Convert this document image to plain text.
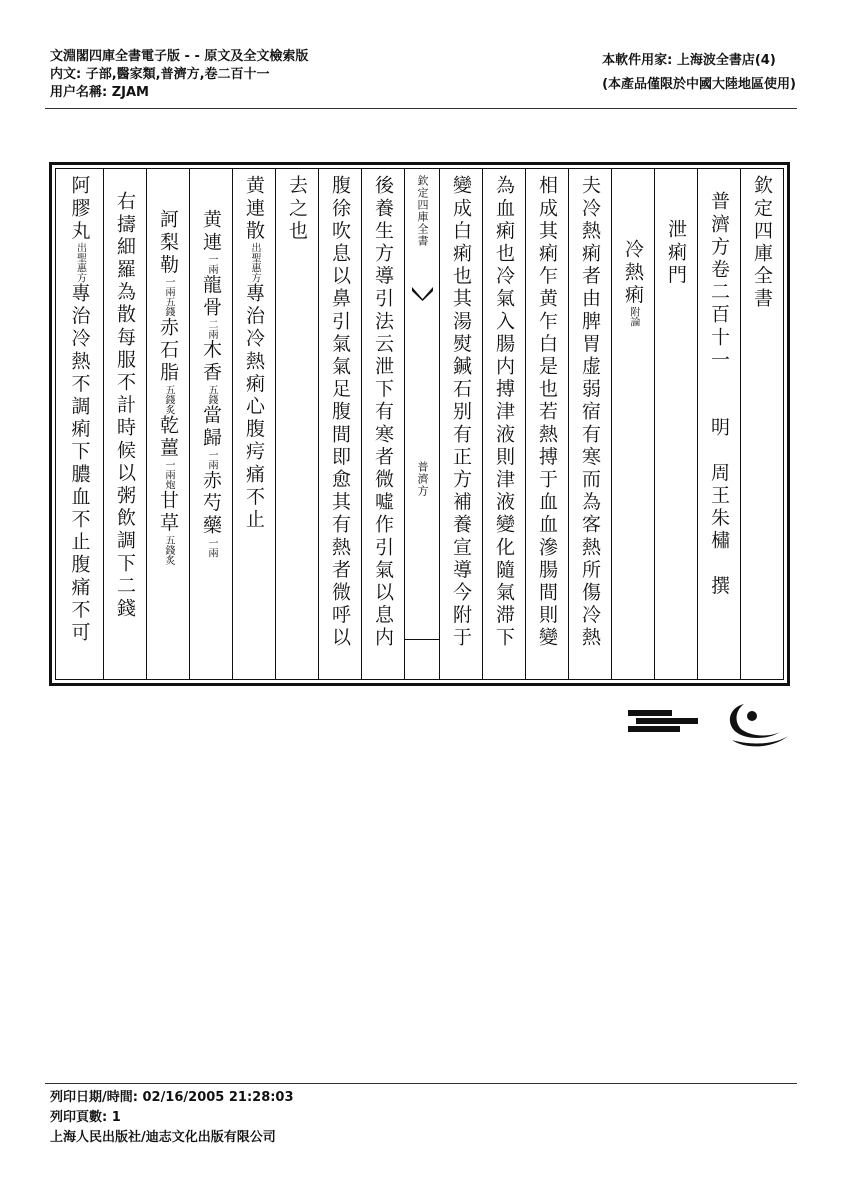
文淵閣四庫全書電子版 - - 原文及全文檢索版
内文: 子部,醫家類,普濟方,卷二百十一
用户名稱: ZJAM
本軟件用家: 上海波全書店(4)
(本產品僅限於中國大陸地區使用)
欽定四庫全書
普濟方卷二百十一　　明　周王朱橚　撰
泄痢門
冷熱痢附論
夫冷熱痢者由脾胃虚弱宿有寒而為客熱所傷冷熱
相成其痢乍黄乍白是也若熱搏于血血滲腸間則變
為血痢也冷氣入腸内搏津液則津液變化隨氣滞下
變成白痢也其湯熨鍼石别有正方補養宣導今附于
欽定四庫全書
普濟方
後養生方導引法云泄下有寒者微噓作引氣以息内
腹徐吹息以鼻引氣氣足腹間即愈其有熱者微呼以
去之也
黄連散出聖惠方專治冷熱痢心腹疞痛不止
黄連一兩龍骨二兩木香五錢當歸一兩赤芍藥一兩
訶梨勒一兩五錢赤石脂五錢炙乾薑一兩炮甘草五錢炙
右擣細羅為散每服不計時候以粥飲調下二錢
阿膠丸出聖惠方專治冷熱不調痢下膿血不止腹痛不可
列印日期/時間: 02/16/2005 21:28:03
列印頁數: 1
上海人民出版社/迪志文化出版有限公司
